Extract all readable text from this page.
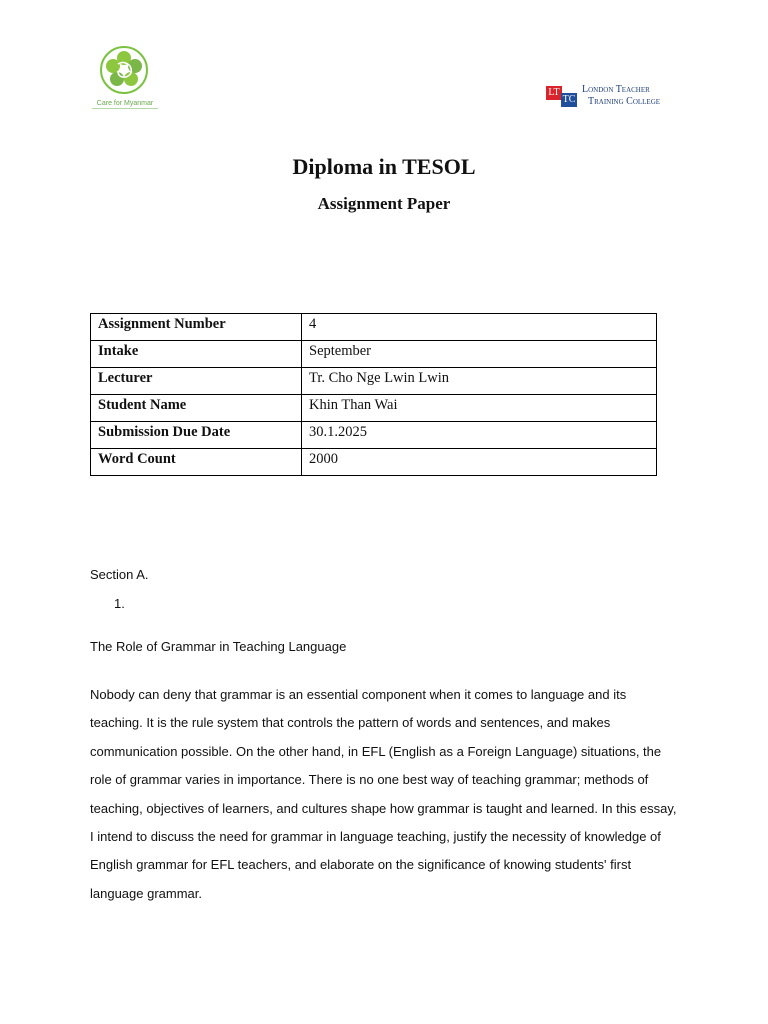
Care for Myanmar
LT
TC
London Teacher
Training College
Diploma in TESOL
Assignment Paper
Assignment Number	4
Intake	September
Lecturer	Tr. Cho Nge Lwin Lwin
Student Name	Khin Than Wai
Submission Due Date	30.1.2025
Word Count	2000
Section A.
1.
The Role of Grammar in Teaching Language
Nobody can deny that grammar is an essential component when it comes to language and its teaching. It is the rule system that controls the pattern of words and sentences, and makes communication possible. On the other hand, in EFL (English as a Foreign Language) situations, the role of grammar varies in importance. There is no one best way of teaching grammar; methods of teaching, objectives of learners, and cultures shape how grammar is taught and learned. In this essay, I intend to discuss the need for grammar in language teaching, justify the necessity of knowledge of English grammar for EFL teachers, and elaborate on the significance of knowing students' first language grammar.
